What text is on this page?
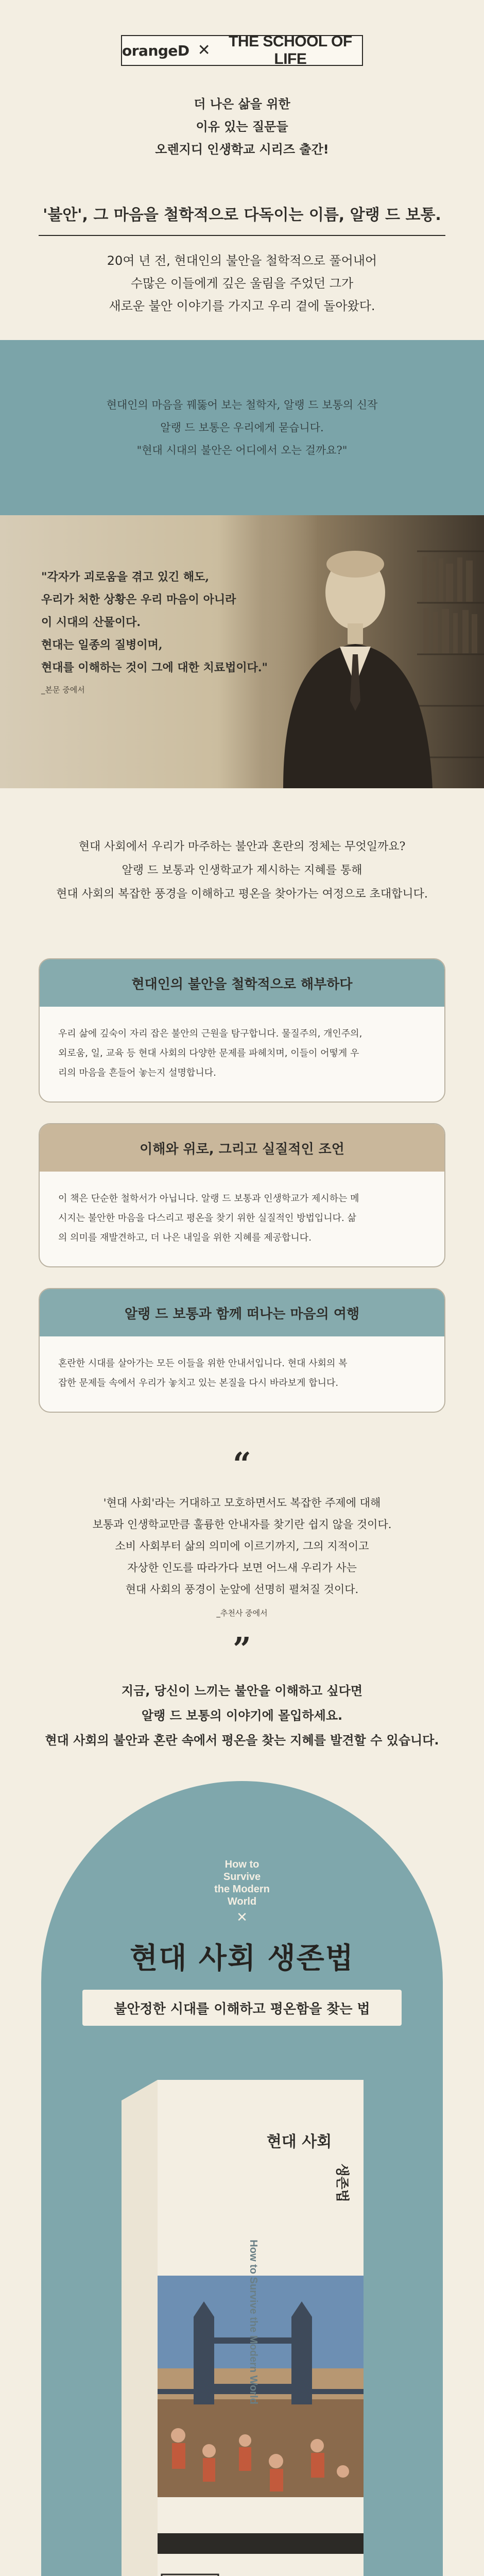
orangeD ✕	THE SCHOOL OF LIFE

더 나은 삶을 위한

이유 있는 질문들

오렌지디 인생학교 시리즈 출간!

'불안', 그 마음을 철학적으로 다독이는 이름, 알랭 드 보통.

20여 년 전, 현대인의 불안을 철학적으로 풀어내어

수많은 이들에게 깊은 울림을 주었던 그가

새로운 불안 이야기를 가지고 우리 곁에 돌아왔다.

현대인의 마음을 꿰뚫어 보는 철학자, 알랭 드 보통의 신작

알랭 드 보통은 우리에게 묻습니다.

"현대 시대의 불안은 어디에서 오는 걸까요?"

"각자가 괴로움을 겪고 있긴 해도,

우리가 처한 상황은 우리 마음이 아니라

이 시대의 산물이다.

현대는 일종의 질병이며,

현대를 이해하는 것이 그에 대한 치료법이다."

_본문 중에서

현대 사회에서 우리가 마주하는 불안과 혼란의 정체는 무엇일까요?

알랭 드 보통과 인생학교가 제시하는 지혜를 통해

현대 사회의 복잡한 풍경을 이해하고 평온을 찾아가는 여정으로 초대합니다.

현대인의 불안을 철학적으로 해부하다

우리 삶에 깊숙이 자리 잡은 불안의 근원을 탐구합니다. 물질주의, 개인주의,

외로움, 일, 교육 등 현대 사회의 다양한 문제를 파헤치며, 이들이 어떻게 우

리의 마음을 흔들어 놓는지 설명합니다.

이해와 위로, 그리고 실질적인 조언

이 책은 단순한 철학서가 아닙니다. 알랭 드 보통과 인생학교가 제시하는 메

시지는 불안한 마음을 다스리고 평온을 찾기 위한 실질적인 방법입니다. 삶

의 의미를 재발견하고, 더 나은 내일을 위한 지혜를 제공합니다.

알랭 드 보통과 함께 떠나는 마음의 여행

혼란한 시대를 살아가는 모든 이들을 위한 안내서입니다. 현대 사회의 복

잡한 문제들 속에서 우리가 놓치고 있는 본질을 다시 바라보게 합니다.

“

'현대 사회'라는 거대하고 모호하면서도 복잡한 주제에 대해

보통과 인생학교만큼 훌륭한 안내자를 찾기란 쉽지 않을 것이다.

소비 사회부터 삶의 의미에 이르기까지, 그의 지적이고

자상한 인도를 따라가다 보면 어느새 우리가 사는

현대 사회의 풍경이 눈앞에 선명히 펼쳐질 것이다.

_추천사 중에서
”

지금, 당신이 느끼는 불안을 이해하고 싶다면

알랭 드 보통의 이야기에 몰입하세요.

현대 사회의 불안과 혼란 속에서 평온을 찾는 지혜를 발견할 수 있습니다.

How to

Survive

the Modern

World

✕
현대 사회 생존법
불안정한 시대를 이해하고 평온함을 찾는 법
현대 사회
생존법
How to Survive the Modern World
